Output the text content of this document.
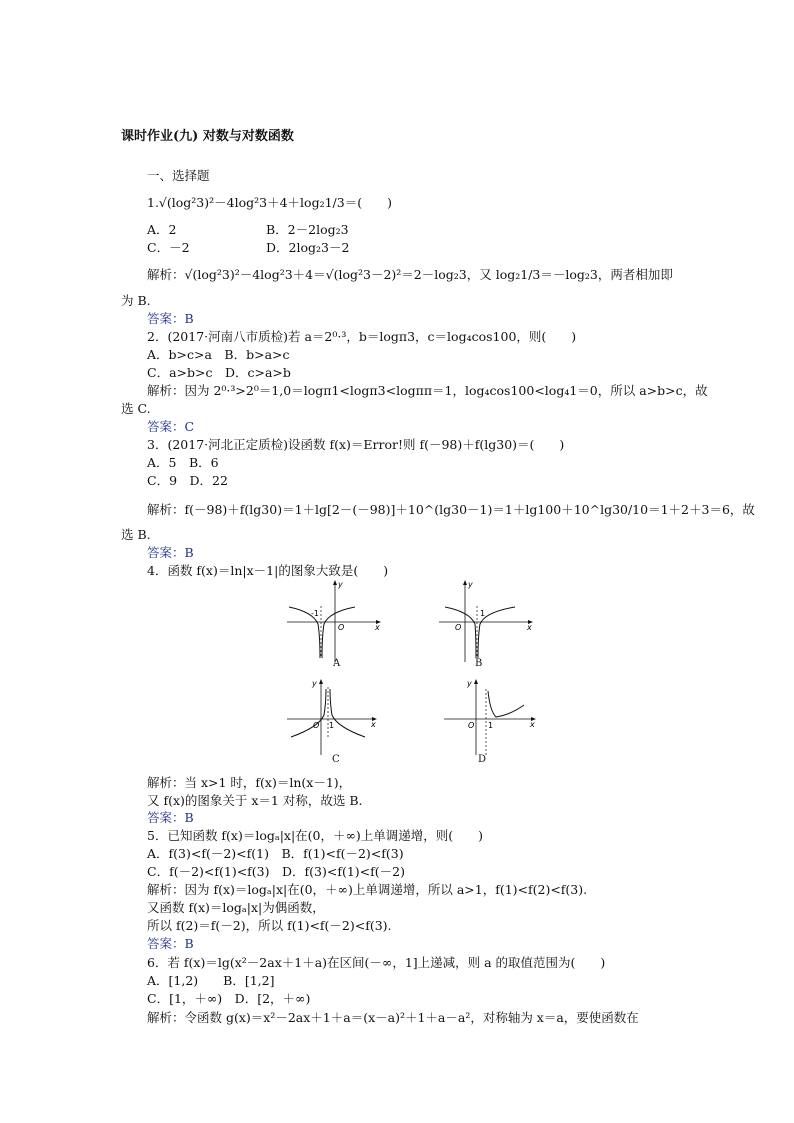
课时作业(九) 对数与对数函数
一、选择题
1.√(log²3)²－4log²3＋4＋log₂1/3＝(　　)
A．2	B．2－2log₂3
C．－2	D．2log₂3－2
解析：√(log²3)²－4log²3＋4＝√(log²3－2)²＝2－log₂3，又 log₂1/3＝－log₂3，两者相加即
为 B.
答案：B
2．(2017·河南八市质检)若 a＝2⁰·³，b＝logπ3，c＝log₄cos100，则(　　)
A．b>c>a　B．b>a>c
C．a>b>c　D．c>a>b
解析：因为 2⁰·³>2⁰＝1,0＝logπ1<logπ3<logππ＝1，log₄cos100<log₄1＝0，所以 a>b>c，故
选 C.
答案：C
3．(2017·河北正定质检)设函数 f(x)＝Error!则 f(－98)＋f(lg30)＝(　　)
A．5　B．6
C．9　D．22
解析：f(－98)＋f(lg30)＝1＋lg[2－(－98)]＋10^(lg30－1)＝1＋lg100＋10^lg30/10＝1＋2＋3＝6，故
选 B.
答案：B
4．函数 f(x)＝ln|x－1|的图象大致是(　　)
-1
O	x
y
A
1
O	x
y
B
O 1	x
y
C
O 1	x
y
D
解析：当 x>1 时，f(x)＝ln(x－1)，
又 f(x)的图象关于 x＝1 对称，故选 B.
答案：B
5．已知函数 f(x)＝logₐ|x|在(0，＋∞)上单调递增，则(　　)
A．f(3)<f(－2)<f(1)　B．f(1)<f(－2)<f(3)
C．f(－2)<f(1)<f(3)　D．f(3)<f(1)<f(－2)
解析：因为 f(x)＝logₐ|x|在(0，＋∞)上单调递增，所以 a>1，f(1)<f(2)<f(3).
又函数 f(x)＝logₐ|x|为偶函数，
所以 f(2)＝f(－2)，所以 f(1)<f(－2)<f(3).
答案：B
6．若 f(x)＝lg(x²－2ax＋1＋a)在区间(－∞，1]上递减，则 a 的取值范围为(　　)
A．[1,2)　　B．[1,2]
C．[1，＋∞)　D．[2，＋∞)
解析：令函数 g(x)＝x²－2ax＋1＋a＝(x－a)²＋1＋a－a²，对称轴为 x＝a，要使函数在
